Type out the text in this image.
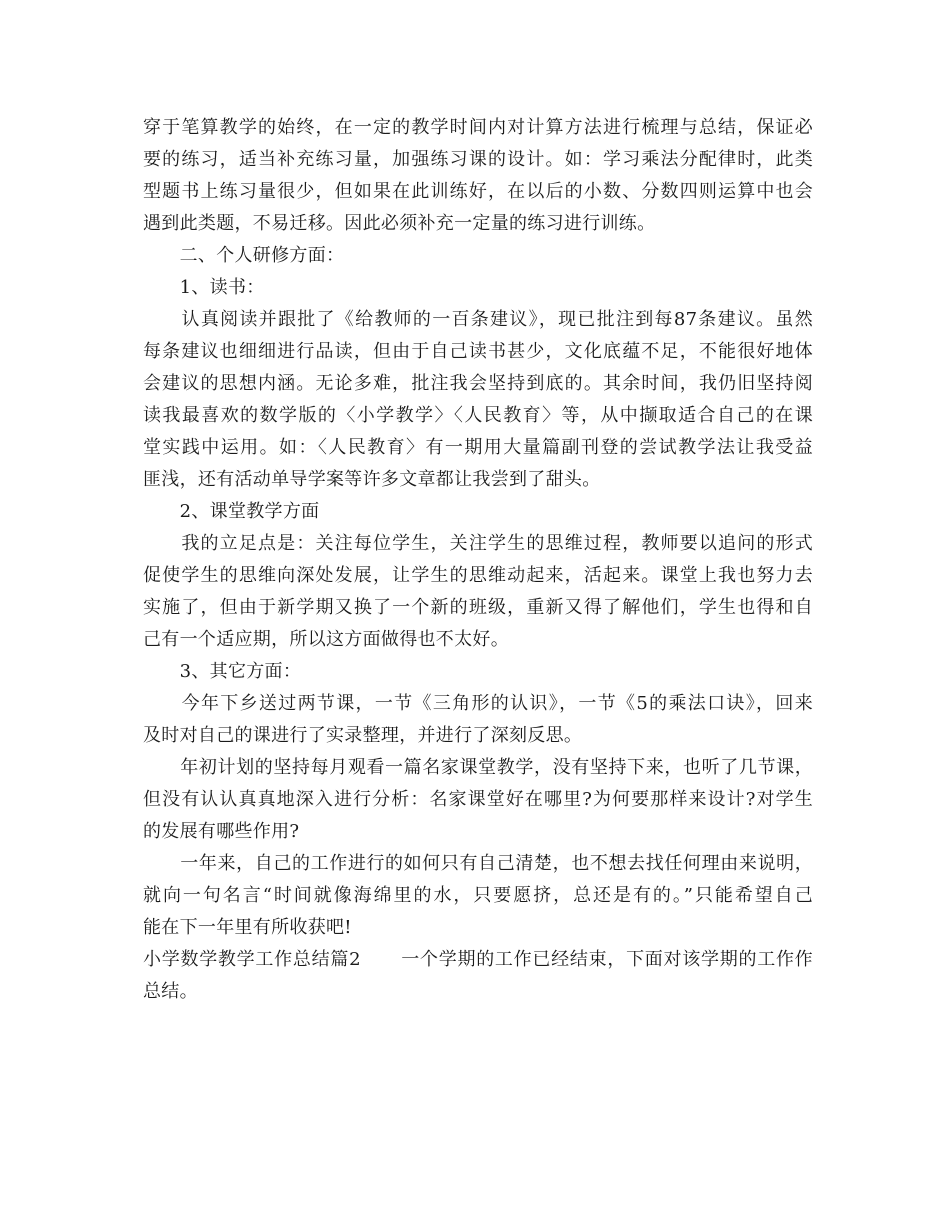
穿于笔算教学的始终，在一定的教学时间内对计算方法进行梳理与总结，保证必
要的练习，适当补充练习量，加强练习课的设计。如：学习乘法分配律时，此类
型题书上练习量很少，但如果在此训练好，在以后的小数、分数四则运算中也会
遇到此类题，不易迁移。因此必须补充一定量的练习进行训练。
　　二、个人研修方面：
　　1、读书：
　　认真阅读并跟批了《给教师的一百条建议》，现已批注到每87条建议。虽然
每条建议也细细进行品读，但由于自己读书甚少，文化底蕴不足，不能很好地体
会建议的思想内涵。无论多难，批注我会坚持到底的。其余时间，我仍旧坚持阅
读我最喜欢的数学版的〈小学教学〉〈人民教育〉等，从中撷取适合自己的在课
堂实践中运用。如：〈人民教育〉有一期用大量篇副刊登的尝试教学法让我受益
匪浅，还有活动单导学案等许多文章都让我尝到了甜头。
　　2、课堂教学方面
　　我的立足点是：关注每位学生，关注学生的思维过程，教师要以追问的形式
促使学生的思维向深处发展，让学生的思维动起来，活起来。课堂上我也努力去
实施了，但由于新学期又换了一个新的班级，重新又得了解他们，学生也得和自
己有一个适应期，所以这方面做得也不太好。
　　3、其它方面：
　　今年下乡送过两节课，一节《三角形的认识》，一节《5的乘法口诀》，回来
及时对自己的课进行了实录整理，并进行了深刻反思。
　　年初计划的坚持每月观看一篇名家课堂教学，没有坚持下来，也听了几节课，
但没有认认真真地深入进行分析：名家课堂好在哪里?为何要那样来设计?对学生
的发展有哪些作用?
　　一年来，自己的工作进行的如何只有自己清楚，也不想去找任何理由来说明，
就向一句名言“时间就像海绵里的水，只要愿挤，总还是有的。”只能希望自己
能在下一年里有所收获吧!
小学数学教学工作总结篇2 一个学期的工作已经结束，下面对该学期的工作作
总结。
